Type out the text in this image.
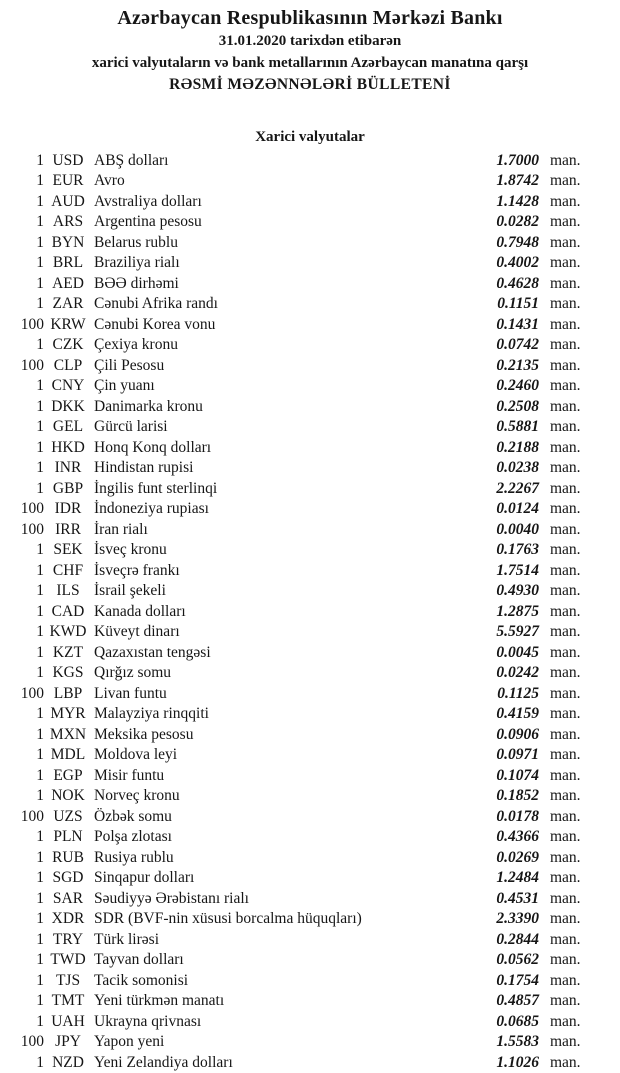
Azərbaycan Respublikasının Mərkəzi Bankı
31.01.2020 tarixdən etibarən
xarici valyutaların və bank metallarının Azərbaycan manatına qarşı
RƏSMİ MƏZƏNNƏLƏRİ BÜLLETENİ
Xarici valyutalar
1 USD ABŞ dolları	1.7000 man.
1 EUR Avro	1.8742 man.
1 AUD Avstraliya dolları	1.1428 man.
1 ARS Argentina pesosu	0.0282 man.
1 BYN Belarus rublu	0.7948 man.
1 BRL Braziliya rialı	0.4002 man.
1 AED BƏƏ dirhəmi	0.4628 man.
1 ZAR Cənubi Afrika randı	0.1151 man.
100 KRW Cənubi Korea vonu	0.1431 man.
1 CZK Çexiya kronu	0.0742 man.
100 CLP Çili Pesosu	0.2135 man.
1 CNY Çin yuanı	0.2460 man.
1 DKK Danimarka kronu	0.2508 man.
1 GEL Gürcü larisi	0.5881 man.
1 HKD Honq Konq dolları	0.2188 man.
1 INR Hindistan rupisi	0.0238 man.
1 GBP İngilis funt sterlinqi	2.2267 man.
100 IDR İndoneziya rupiası	0.0124 man.
100 IRR İran rialı	0.0040 man.
1 SEK İsveç kronu	0.1763 man.
1 CHF İsveçrə frankı	1.7514 man.
1 ILS İsrail şekeli	0.4930 man.
1 CAD Kanada dolları	1.2875 man.
1 KWD Küveyt dinarı	5.5927 man.
1 KZT Qazaxıstan tengəsi	0.0045 man.
1 KGS Qırğız somu	0.0242 man.
100 LBP Livan funtu	0.1125 man.
1 MYR Malayziya rinqqiti	0.4159 man.
1 MXN Meksika pesosu	0.0906 man.
1 MDL Moldova leyi	0.0971 man.
1 EGP Misir funtu	0.1074 man.
1 NOK Norveç kronu	0.1852 man.
100 UZS Özbək somu	0.0178 man.
1 PLN Polşa zlotası	0.4366 man.
1 RUB Rusiya rublu	0.0269 man.
1 SGD Sinqapur dolları	1.2484 man.
1 SAR Səudiyyə Ərəbistanı rialı	0.4531 man.
1 XDR SDR (BVF-nin xüsusi borcalma hüquqları)	2.3390 man.
1 TRY Türk lirəsi	0.2844 man.
1 TWD Tayvan dolları	0.0562 man.
1 TJS Tacik somonisi	0.1754 man.
1 TMT Yeni türkmən manatı	0.4857 man.
1 UAH Ukrayna qrivnası	0.0685 man.
100 JPY Yapon yeni	1.5583 man.
1 NZD Yeni Zelandiya dolları	1.1026 man.
